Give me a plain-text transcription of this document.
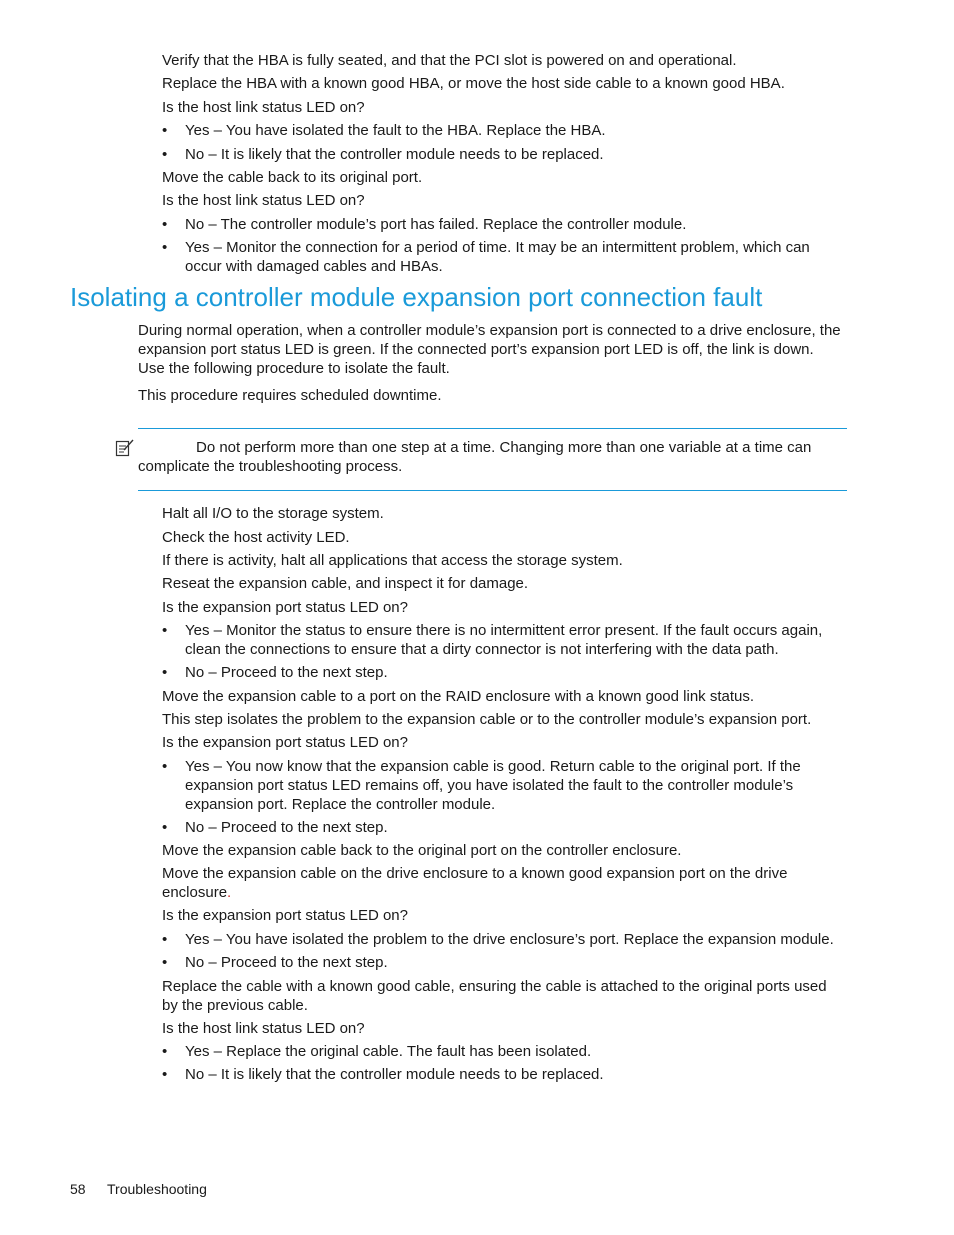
Verify that the HBA is fully seated, and that the PCI slot is powered on and operational.

Replace the HBA with a known good HBA, or move the host side cable to a known good HBA.

Is the host link status LED on?

•	Yes – You have isolated the fault to the HBA. Replace the HBA.
•	No – It is likely that the controller module needs to be replaced.

Move the cable back to its original port.

Is the host link status LED on?

•	No – The controller module’s port has failed. Replace the controller module.
•	Yes – Monitor the connection for a period of time. It may be an intermittent problem, which can occur with damaged cables and HBAs.
Isolating a controller module expansion port connection fault

During normal operation, when a controller module’s expansion port is connected to a drive enclosure, the expansion port status LED is green. If the connected port’s expansion port LED is off, the link is down. Use the following procedure to isolate the fault.

This procedure requires scheduled downtime.

Do not perform more than one step at a time. Changing more than one variable at a time can complicate the troubleshooting process.

Halt all I/O to the storage system.

Check the host activity LED.

If there is activity, halt all applications that access the storage system.

Reseat the expansion cable, and inspect it for damage.

Is the expansion port status LED on?

•	Yes – Monitor the status to ensure there is no intermittent error present. If the fault occurs again, clean the connections to ensure that a dirty connector is not interfering with the data path.
•	No – Proceed to the next step.

Move the expansion cable to a port on the RAID enclosure with a known good link status.

This step isolates the problem to the expansion cable or to the controller module’s expansion port.

Is the expansion port status LED on?

•	Yes – You now know that the expansion cable is good. Return cable to the original port. If the expansion port status LED remains off, you have isolated the fault to the controller module’s expansion port. Replace the controller module.
•	No – Proceed to the next step.

Move the expansion cable back to the original port on the controller enclosure.

Move the expansion cable on the drive enclosure to a known good expansion port on the drive enclosure.

Is the expansion port status LED on?

•	Yes – You have isolated the problem to the drive enclosure’s port. Replace the expansion module.
•	No – Proceed to the next step.

Replace the cable with a known good cable, ensuring the cable is attached to the original ports used by the previous cable.

Is the host link status LED on?

•	Yes – Replace the original cable. The fault has been isolated.
•	No – It is likely that the controller module needs to be replaced.
58 Troubleshooting
